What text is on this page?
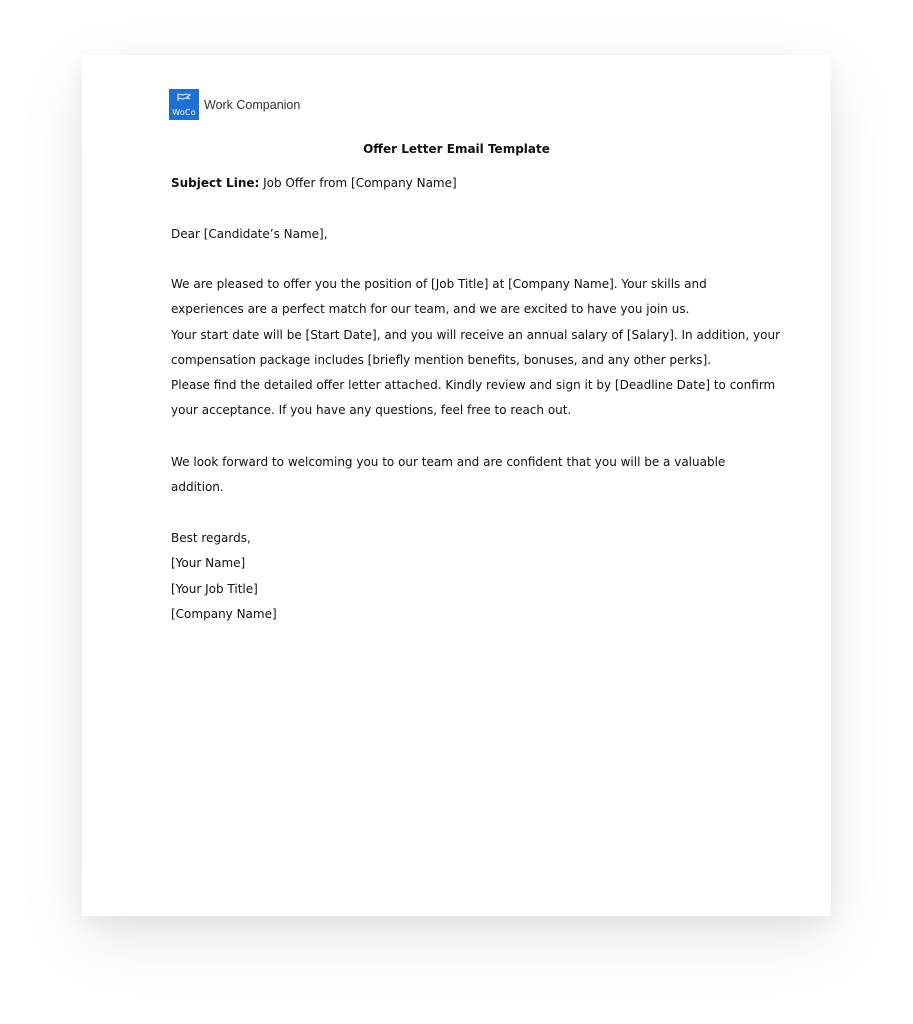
WoCo
Work Companion
Offer Letter Email Template
Subject Line: Job Offer from [Company Name]
Dear [Candidate’s Name],
We are pleased to offer you the position of [Job Title] at [Company Name]. Your skills and
experiences are a perfect match for our team, and we are excited to have you join us.
Your start date will be [Start Date], and you will receive an annual salary of [Salary]. In addition, your
compensation package includes [briefly mention benefits, bonuses, and any other perks].
Please find the detailed offer letter attached. Kindly review and sign it by [Deadline Date] to confirm
your acceptance. If you have any questions, feel free to reach out.
We look forward to welcoming you to our team and are confident that you will be a valuable
addition.
Best regards,
[Your Name]
[Your Job Title]
[Company Name]
